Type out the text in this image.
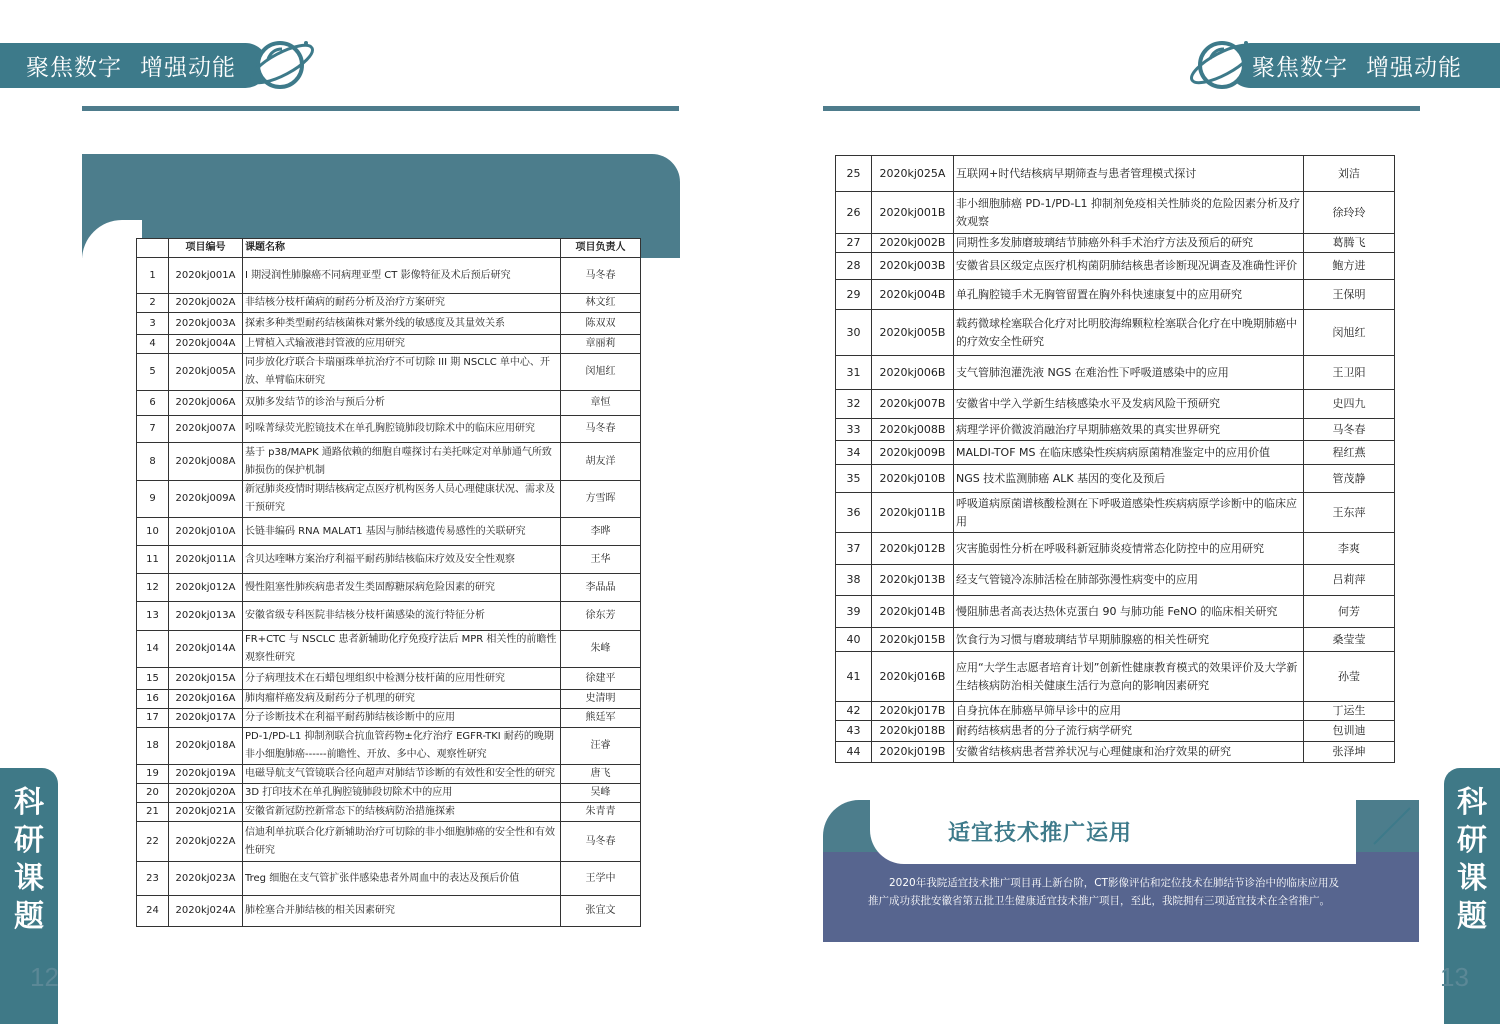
聚焦数字 增强动能	聚焦数字 增强动能
	项目编号	课题名称	项目负责人
1	2020kj001A	I 期浸润性肺腺癌不同病理亚型 CT 影像特征及术后预后研究	马冬春
2	2020kj002A	非结核分枝杆菌病的耐药分析及治疗方案研究	林文红
3	2020kj003A	探索多种类型耐药结核菌株对紫外线的敏感度及其量效关系	陈双双
4	2020kj004A	上臂植入式输液港封管液的应用研究	章丽莉
5	2020kj005A	同步放化疗联合卡瑞丽珠单抗治疗不可切除 III 期 NSCLC 单中心、开放、单臂临床研究	闵旭红
6	2020kj006A	双肺多发结节的诊治与预后分析	章恒
7	2020kj007A	吲哚菁绿荧光腔镜技术在单孔胸腔镜肺段切除术中的临床应用研究	马冬春
8	2020kj008A	基于 p38/MAPK 通路依赖的细胞自噬探讨右美托咪定对单肺通气所致肺损伤的保护机制	胡友洋
9	2020kj009A	新冠肺炎疫情时期结核病定点医疗机构医务人员心理健康状况、需求及干预研究	方雪晖
10	2020kj010A	长链非编码 RNA MALAT1 基因与肺结核遗传易感性的关联研究	李晔
11	2020kj011A	含贝达喹啉方案治疗利福平耐药肺结核临床疗效及安全性观察	王华
12	2020kj012A	慢性阻塞性肺疾病患者发生类固醇糖尿病危险因素的研究	李晶晶
13	2020kj013A	安徽省级专科医院非结核分枝杆菌感染的流行特征分析	徐东芳
14	2020kj014A	FR+CTC 与 NSCLC 患者新辅助化疗免疫疗法后 MPR 相关性的前瞻性观察性研究	朱峰
15	2020kj015A	分子病理技术在石蜡包埋组织中检测分枝杆菌的应用性研究	徐建平
16	2020kj016A	肺肉瘤样癌发病及耐药分子机理的研究	史清明
17	2020kj017A	分子诊断技术在利福平耐药肺结核诊断中的应用	熊廷军
18	2020kj018A	PD-1/PD-L1 抑制剂联合抗血管药物±化疗治疗 EGFR-TKI 耐药的晚期非小细胞肺癌------前瞻性、开放、多中心、观察性研究	汪睿
19	2020kj019A	电磁导航支气管镜联合径向超声对肺结节诊断的有效性和安全性的研究	唐飞
20	2020kj020A	3D 打印技术在单孔胸腔镜肺段切除术中的应用	吴峰
21	2020kj021A	安徽省新冠防控新常态下的结核病防治措施探索	朱青青
22	2020kj022A	信迪利单抗联合化疗新辅助治疗可切除的非小细胞肺癌的安全性和有效性研究	马冬春
23	2020kj023A	Treg 细胞在支气管扩张伴感染患者外周血中的表达及预后价值	王学中
24	2020kj024A	肺栓塞合并肺结核的相关因素研究	张宜文
25	2020kj025A	互联网+时代结核病早期筛查与患者管理模式探讨	刘洁
26	2020kj001B	非小细胞肺癌 PD-1/PD-L1 抑制剂免疫相关性肺炎的危险因素分析及疗效观察	徐玲玲
27	2020kj002B	同期性多发肺磨玻璃结节肺癌外科手术治疗方法及预后的研究	葛腾飞
28	2020kj003B	安徽省县区级定点医疗机构菌阴肺结核患者诊断现况调查及准确性评价	鲍方进
29	2020kj004B	单孔胸腔镜手术无胸管留置在胸外科快速康复中的应用研究	王保明
30	2020kj005B	载药微球栓塞联合化疗对比明胶海绵颗粒栓塞联合化疗在中晚期肺癌中的疗效安全性研究	闵旭红
31	2020kj006B	支气管肺泡灌洗液 NGS 在难治性下呼吸道感染中的应用	王卫阳
32	2020kj007B	安徽省中学入学新生结核感染水平及发病风险干预研究	史四九
33	2020kj008B	病理学评价微波消融治疗早期肺癌效果的真实世界研究	马冬春
34	2020kj009B	MALDI-TOF MS 在临床感染性疾病病原菌精准鉴定中的应用价值	程红燕
35	2020kj010B	NGS 技术监测肺癌 ALK 基因的变化及预后	管茂静
36	2020kj011B	呼吸道病原菌谱核酸检测在下呼吸道感染性疾病病原学诊断中的临床应用	王东萍
37	2020kj012B	灾害脆弱性分析在呼吸科新冠肺炎疫情常态化防控中的应用研究	李爽
38	2020kj013B	经支气管镜冷冻肺活检在肺部弥漫性病变中的应用	吕莉萍
39	2020kj014B	慢阻肺患者高表达热休克蛋白 90 与肺功能 FeNO 的临床相关研究	何芳
40	2020kj015B	饮食行为习惯与磨玻璃结节早期肺腺癌的相关性研究	桑莹莹
41	2020kj016B	应用“大学生志愿者培育计划”创新性健康教育模式的效果评价及大学新生结核病防治相关健康生活行为意向的影响因素研究	孙莹
42	2020kj017B	自身抗体在肺癌早筛早诊中的应用	丁运生
43	2020kj018B	耐药结核病患者的分子流行病学研究	包训迪
44	2020kj019B	安徽省结核病患者营养状况与心理健康和治疗效果的研究	张泽坤
科
研
课
题
科
研
课
题
12	13
适宜技术推广运用
2020年我院适宜技术推广项目再上新台阶，CT影像评估和定位技术在肺结节诊治中的临床应用及推广成功获批安徽省第五批卫生健康适宜技术推广项目，至此，我院拥有三项适宜技术在全省推广。
